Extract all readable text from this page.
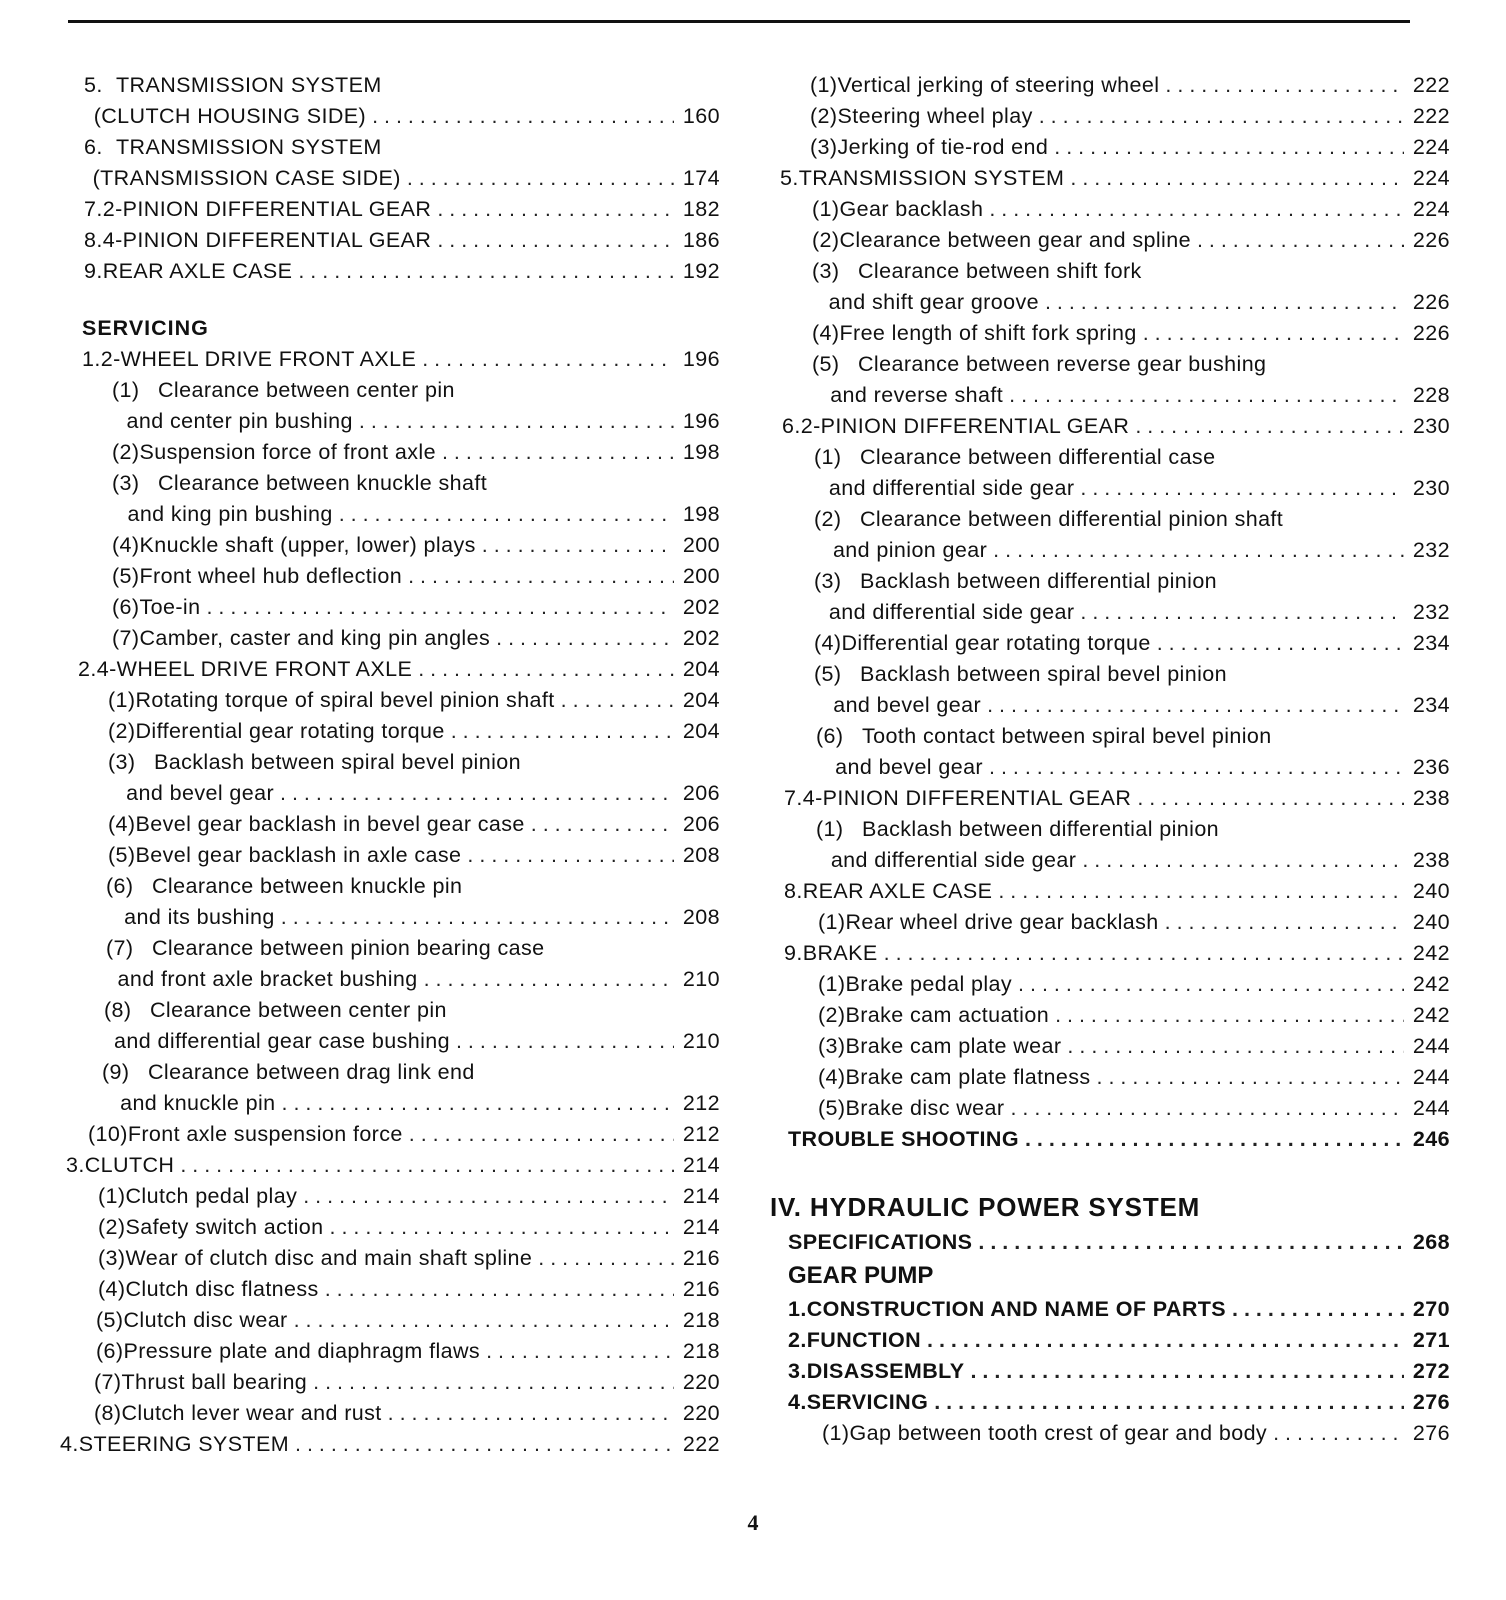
5. TRANSMISSION SYSTEM
(CLUTCH HOUSING SIDE) . . .	160
6. TRANSMISSION SYSTEM
(TRANSMISSION CASE SIDE) . . .	174
7. 2-PINION DIFFERENTIAL GEAR . . .	182
8. 4-PINION DIFFERENTIAL GEAR . . .	186
9. REAR AXLE CASE . . .	192
SERVICING
1. 2-WHEEL DRIVE FRONT AXLE . . .	196
(1) Clearance between center pin
and center pin bushing . . .	196
(2) Suspension force of front axle . . .	198
(3) Clearance between knuckle shaft
and king pin bushing . . .	198
(4) Knuckle shaft (upper, lower) plays . . .	200
(5) Front wheel hub deflection . . .	200
(6) Toe-in . . .	202
(7) Camber, caster and king pin angles . . .	202
2. 4-WHEEL DRIVE FRONT AXLE . . .	204
(1) Rotating torque of spiral bevel pinion shaft . . .	204
(2) Differential gear rotating torque . . .	204
(3) Backlash between spiral bevel pinion
and bevel gear . . .	206
(4) Bevel gear backlash in bevel gear case . . .	206
(5) Bevel gear backlash in axle case . . .	208
(6) Clearance between knuckle pin
and its bushing . . .	208
(7) Clearance between pinion bearing case
and front axle bracket bushing . . .	210
(8) Clearance between center pin
and differential gear case bushing . . .	210
(9) Clearance between drag link end
and knuckle pin . . .	212
(10) Front axle suspension force . . .	212
3. CLUTCH . . .	214
(1) Clutch pedal play . . .	214
(2) Safety switch action . . .	214
(3) Wear of clutch disc and main shaft spline . . .	216
(4) Clutch disc flatness . . .	216
(5) Clutch disc wear . . .	218
(6) Pressure plate and diaphragm flaws . . .	218
(7) Thrust ball bearing . . .	220
(8) Clutch lever wear and rust . . .	220
4. STEERING SYSTEM . . .	222
(1) Vertical jerking of steering wheel . . .	222
(2) Steering wheel play . . .	222
(3) Jerking of tie-rod end . . .	224
5. TRANSMISSION SYSTEM . . .	224
(1) Gear backlash . . .	224
(2) Clearance between gear and spline . . .	226
(3) Clearance between shift fork
and shift gear groove . . .	226
(4) Free length of shift fork spring . . .	226
(5) Clearance between reverse gear bushing
and reverse shaft . . .	228
6. 2-PINION DIFFERENTIAL GEAR . . .	230
(1) Clearance between differential case
and differential side gear . . .	230
(2) Clearance between differential pinion shaft
and pinion gear . . .	232
(3) Backlash between differential pinion
and differential side gear . . .	232
(4) Differential gear rotating torque . . .	234
(5) Backlash between spiral bevel pinion
and bevel gear . . .	234
(6) Tooth contact between spiral bevel pinion
and bevel gear . . .	236
7. 4-PINION DIFFERENTIAL GEAR . . .	238
(1) Backlash between differential pinion
and differential side gear . . .	238
8. REAR AXLE CASE . . .	240
(1) Rear wheel drive gear backlash . . .	240
9. BRAKE . . .	242
(1) Brake pedal play . . .	242
(2) Brake cam actuation . . .	242
(3) Brake cam plate wear . . .	244
(4) Brake cam plate flatness . . .	244
(5) Brake disc wear . . .	244
TROUBLE SHOOTING . . .	246
IV. HYDRAULIC POWER SYSTEM
SPECIFICATIONS . . .	268
GEAR PUMP
1. CONSTRUCTION AND NAME OF PARTS . . .	270
2. FUNCTION . . .	271
3. DISASSEMBLY . . .	272
4. SERVICING . . .	276
(1) Gap between tooth crest of gear and body . . .	276
4
